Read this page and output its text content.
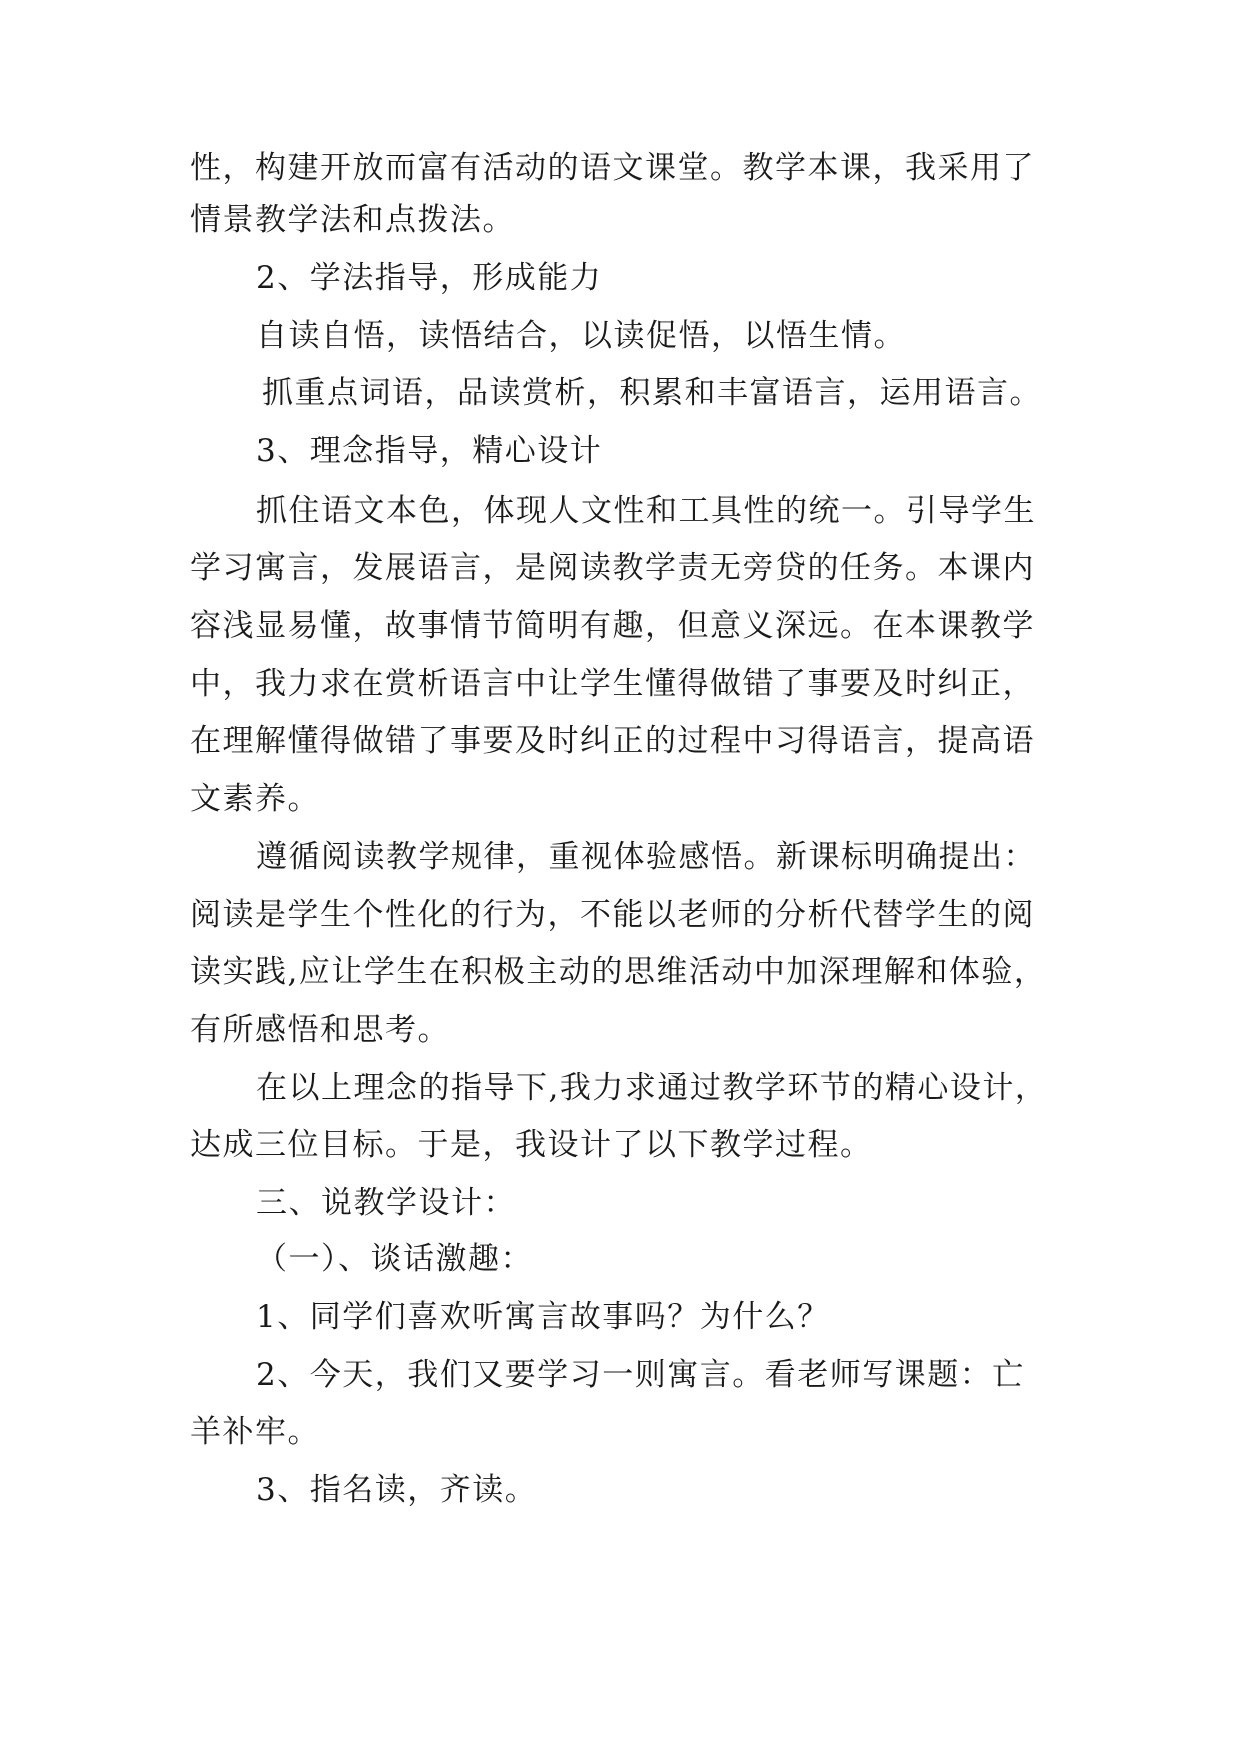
性，构建开放而富有活动的语文课堂。教学本课，我采用了
情景教学法和点拨法。
2、学法指导，形成能力
自读自悟，读悟结合，以读促悟，以悟生情。
抓重点词语，品读赏析，积累和丰富语言，运用语言。
3、理念指导，精心设计
抓住语文本色，体现人文性和工具性的统一。引导学生
学习寓言，发展语言，是阅读教学责无旁贷的任务。本课内
容浅显易懂，故事情节简明有趣，但意义深远。在本课教学
中，我力求在赏析语言中让学生懂得做错了事要及时纠正，
在理解懂得做错了事要及时纠正的过程中习得语言，提高语
文素养。
遵循阅读教学规律，重视体验感悟。新课标明确提出：
阅读是学生个性化的行为，不能以老师的分析代替学生的阅
读实践,应让学生在积极主动的思维活动中加深理解和体验，
有所感悟和思考。
在以上理念的指导下,我力求通过教学环节的精心设计，
达成三位目标。于是，我设计了以下教学过程。
三、说教学设计：
（一）、谈话激趣：
1、同学们喜欢听寓言故事吗？为什么？
2、今天，我们又要学习一则寓言。看老师写课题：亡
羊补牢。
3、指名读，齐读。
